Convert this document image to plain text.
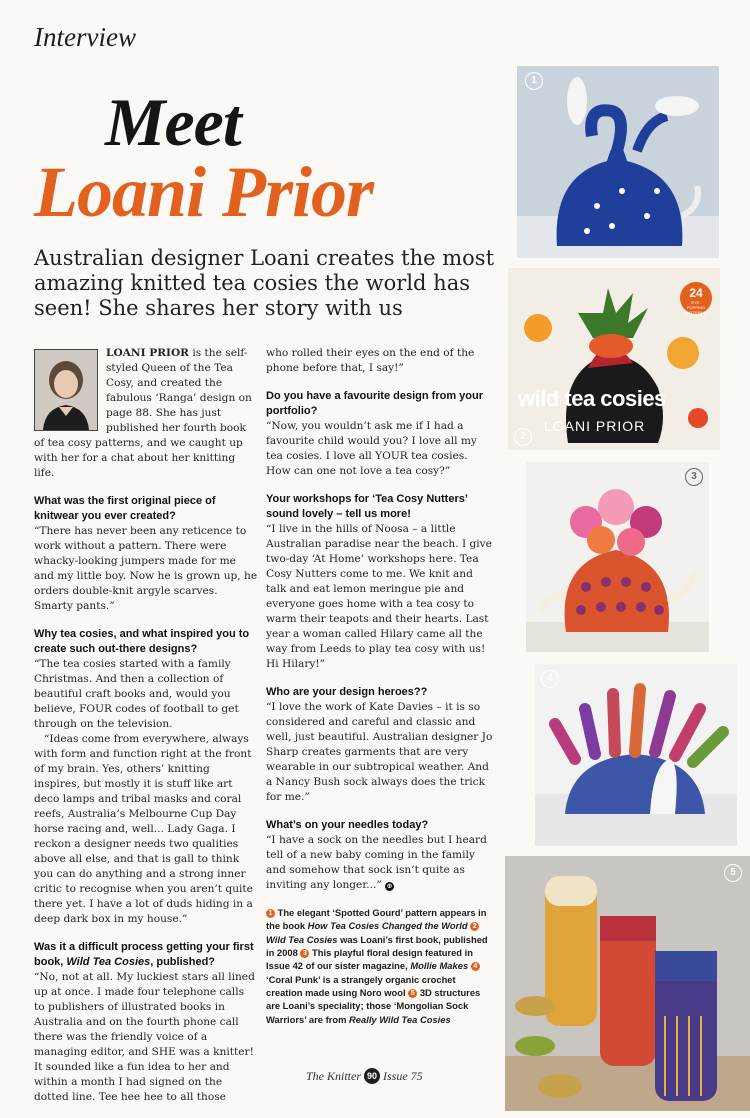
Interview
Meet
Loani Prior
Australian designer Loani creates the most amazing knitted tea cosies the world has seen! She shares her story with us

LOANI PRIOR is the self-styled Queen of the Tea Cosy, and created the fabulous ‘Ranga’ design on page 88. She has just published her fourth book of tea cosy patterns, and we caught up with her for a chat about her knitting life.

What was the first original piece of knitwear you ever created?

“There has never been any reticence to work without a pattern. There were whacky-looking jumpers made for me and my little boy. Now he is grown up, he orders double-knit argyle scarves. Smarty pants.”

Why tea cosies, and what inspired you to create such out-there designs?

“The tea cosies started with a family Christmas. And then a collection of beautiful craft books and, would you believe, FOUR codes of football to get through on the television.

“Ideas come from everywhere, always with form and function right at the front of my brain. Yes, others’ knitting inspires, but mostly it is stuff like art deco lamps and tribal masks and coral reefs, Australia’s Melbourne Cup Day horse racing and, well... Lady Gaga. I reckon a designer needs two qualities above all else, and that is gall to think you can do anything and a strong inner critic to recognise when you aren’t quite there yet. I have a lot of duds hiding in a deep dark box in my house.”

Was it a difficult process getting your first book, Wild Tea Cosies, published?

“No, not at all. My luckiest stars all lined up at once. I made four telephone calls to publishers of illustrated books in Australia and on the fourth phone call there was the friendly voice of a managing editor, and SHE was a knitter! It sounded like a fun idea to her and within a month I had signed on the dotted line. Tee hee hee to all those

who rolled their eyes on the end of the phone before that, I say!”

Do you have a favourite design from your portfolio?

“Now, you wouldn’t ask me if I had a favourite child would you? I love all my tea cosies. I love all YOUR tea cosies. How can one not love a tea cosy?”

Your workshops for ‘Tea Cosy Nutters’ sound lovely – tell us more!

“I live in the hills of Noosa – a little Australian paradise near the beach. I give two-day ‘At Home’ workshops here. Tea Cosy Nutters come to me. We knit and talk and eat lemon meringue pie and everyone goes home with a tea cosy to warm their teapots and their hearts. Last year a woman called Hilary came all the way from Leeds to play tea cosy with us! Hi Hilary!”

Who are your design heroes??

“I love the work of Kate Davies – it is so considered and careful and classic and well, just beautiful. Australian designer Jo Sharp creates garments that are very wearable in our subtropical weather. And a Nancy Bush sock always does the trick for me.”

What’s on your needles today?

“I have a sock on the needles but I heard tell of a new baby coming in the family and somehow that sock isn’t quite as inviting any longer...” ⊕

1 The elegant ‘Spotted Gourd’ pattern appears in the book How Tea Cosies Changed the World 2 Wild Tea Cosies was Loani’s first book, published in 2008 3 This playful floral design featured in Issue 42 of our sister magazine, Mollie Makes 4 ‘Coral Punk’ is a strangely organic crochet creation made using Noro wool 5 3D structures are Loani’s speciality; those ‘Mongolian Sock Warriors’ are from Really Wild Tea Cosies
1
24
EYE-POPPING PATTERNS
wild tea cosies
LOANI PRIOR
2
3
4
5
The Knitter 90 Issue 75
